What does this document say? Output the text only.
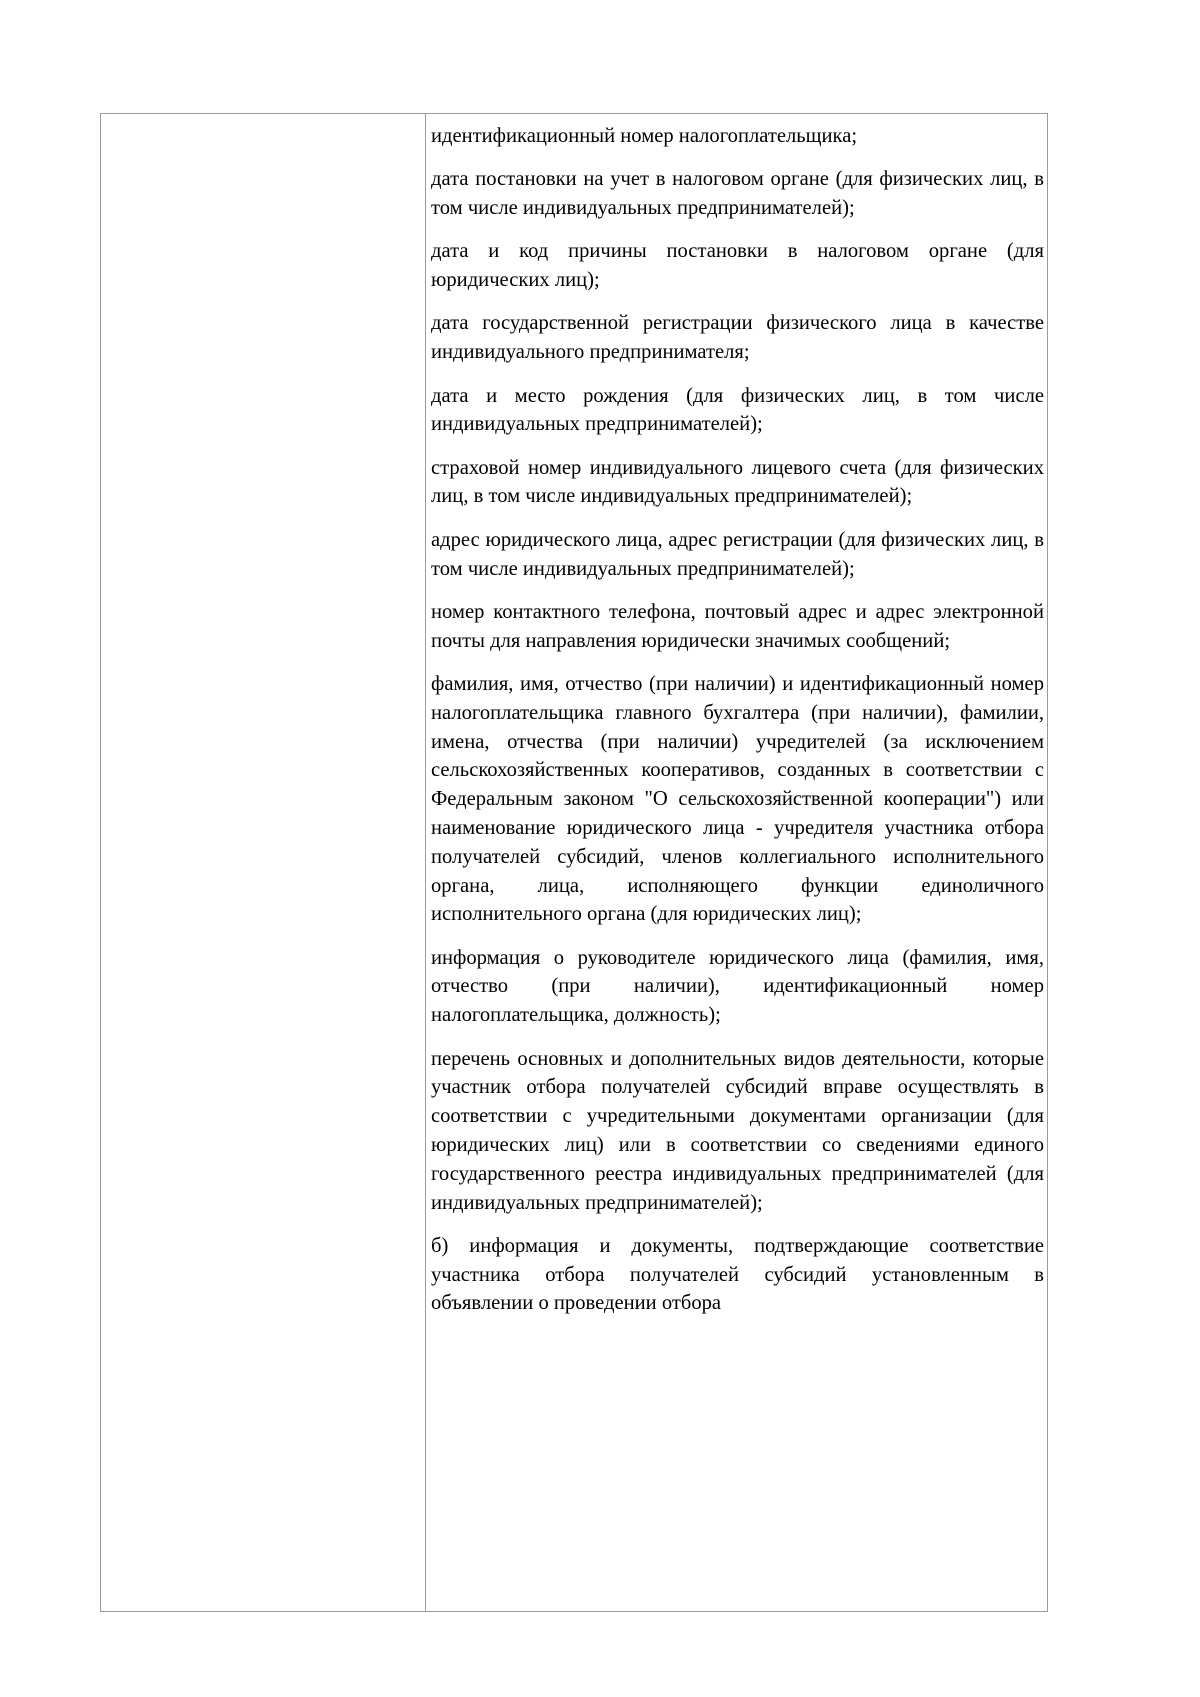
идентификационный номер налогоплательщика;

дата постановки на учет в налоговом органе (для физических лиц, в том числе индивидуальных предпринимателей);

дата и код причины постановки в налоговом органе (для юридических лиц);

дата государственной регистрации физического лица в качестве индивидуального предпринимателя;

дата и место рождения (для физических лиц, в том числе индивидуальных предпринимателей);

страховой номер индивидуального лицевого счета (для физических лиц, в том числе индивидуальных предпринимателей);

адрес юридического лица, адрес регистрации (для физических лиц, в том числе индивидуальных предпринимателей);

номер контактного телефона, почтовый адрес и адрес электронной почты для направления юридически значимых сообщений;

фамилия, имя, отчество (при наличии) и идентификационный номер налогоплательщика главного бухгалтера (при наличии), фамилии, имена, отчества (при наличии) учредителей (за исключением сельскохозяйственных кооперативов, созданных в соответствии с Федеральным законом "О сельскохозяйственной кооперации") или наименование юридического лица - учредителя участника отбора получателей субсидий, членов коллегиального исполнительного органа, лица, исполняющего функции единоличного исполнительного органа (для юридических лиц);

информация о руководителе юридического лица (фамилия, имя, отчество (при наличии), идентификационный номер налогоплательщика, должность);

перечень основных и дополнительных видов деятельности, которые участник отбора получателей субсидий вправе осуществлять в соответствии с учредительными документами организации (для юридических лиц) или в соответствии со сведениями единого государственного реестра индивидуальных предпринимателей (для индивидуальных предпринимателей);

б) информация и документы, подтверждающие соответствие участника отбора получателей субсидий установленным в объявлении о проведении отбора
